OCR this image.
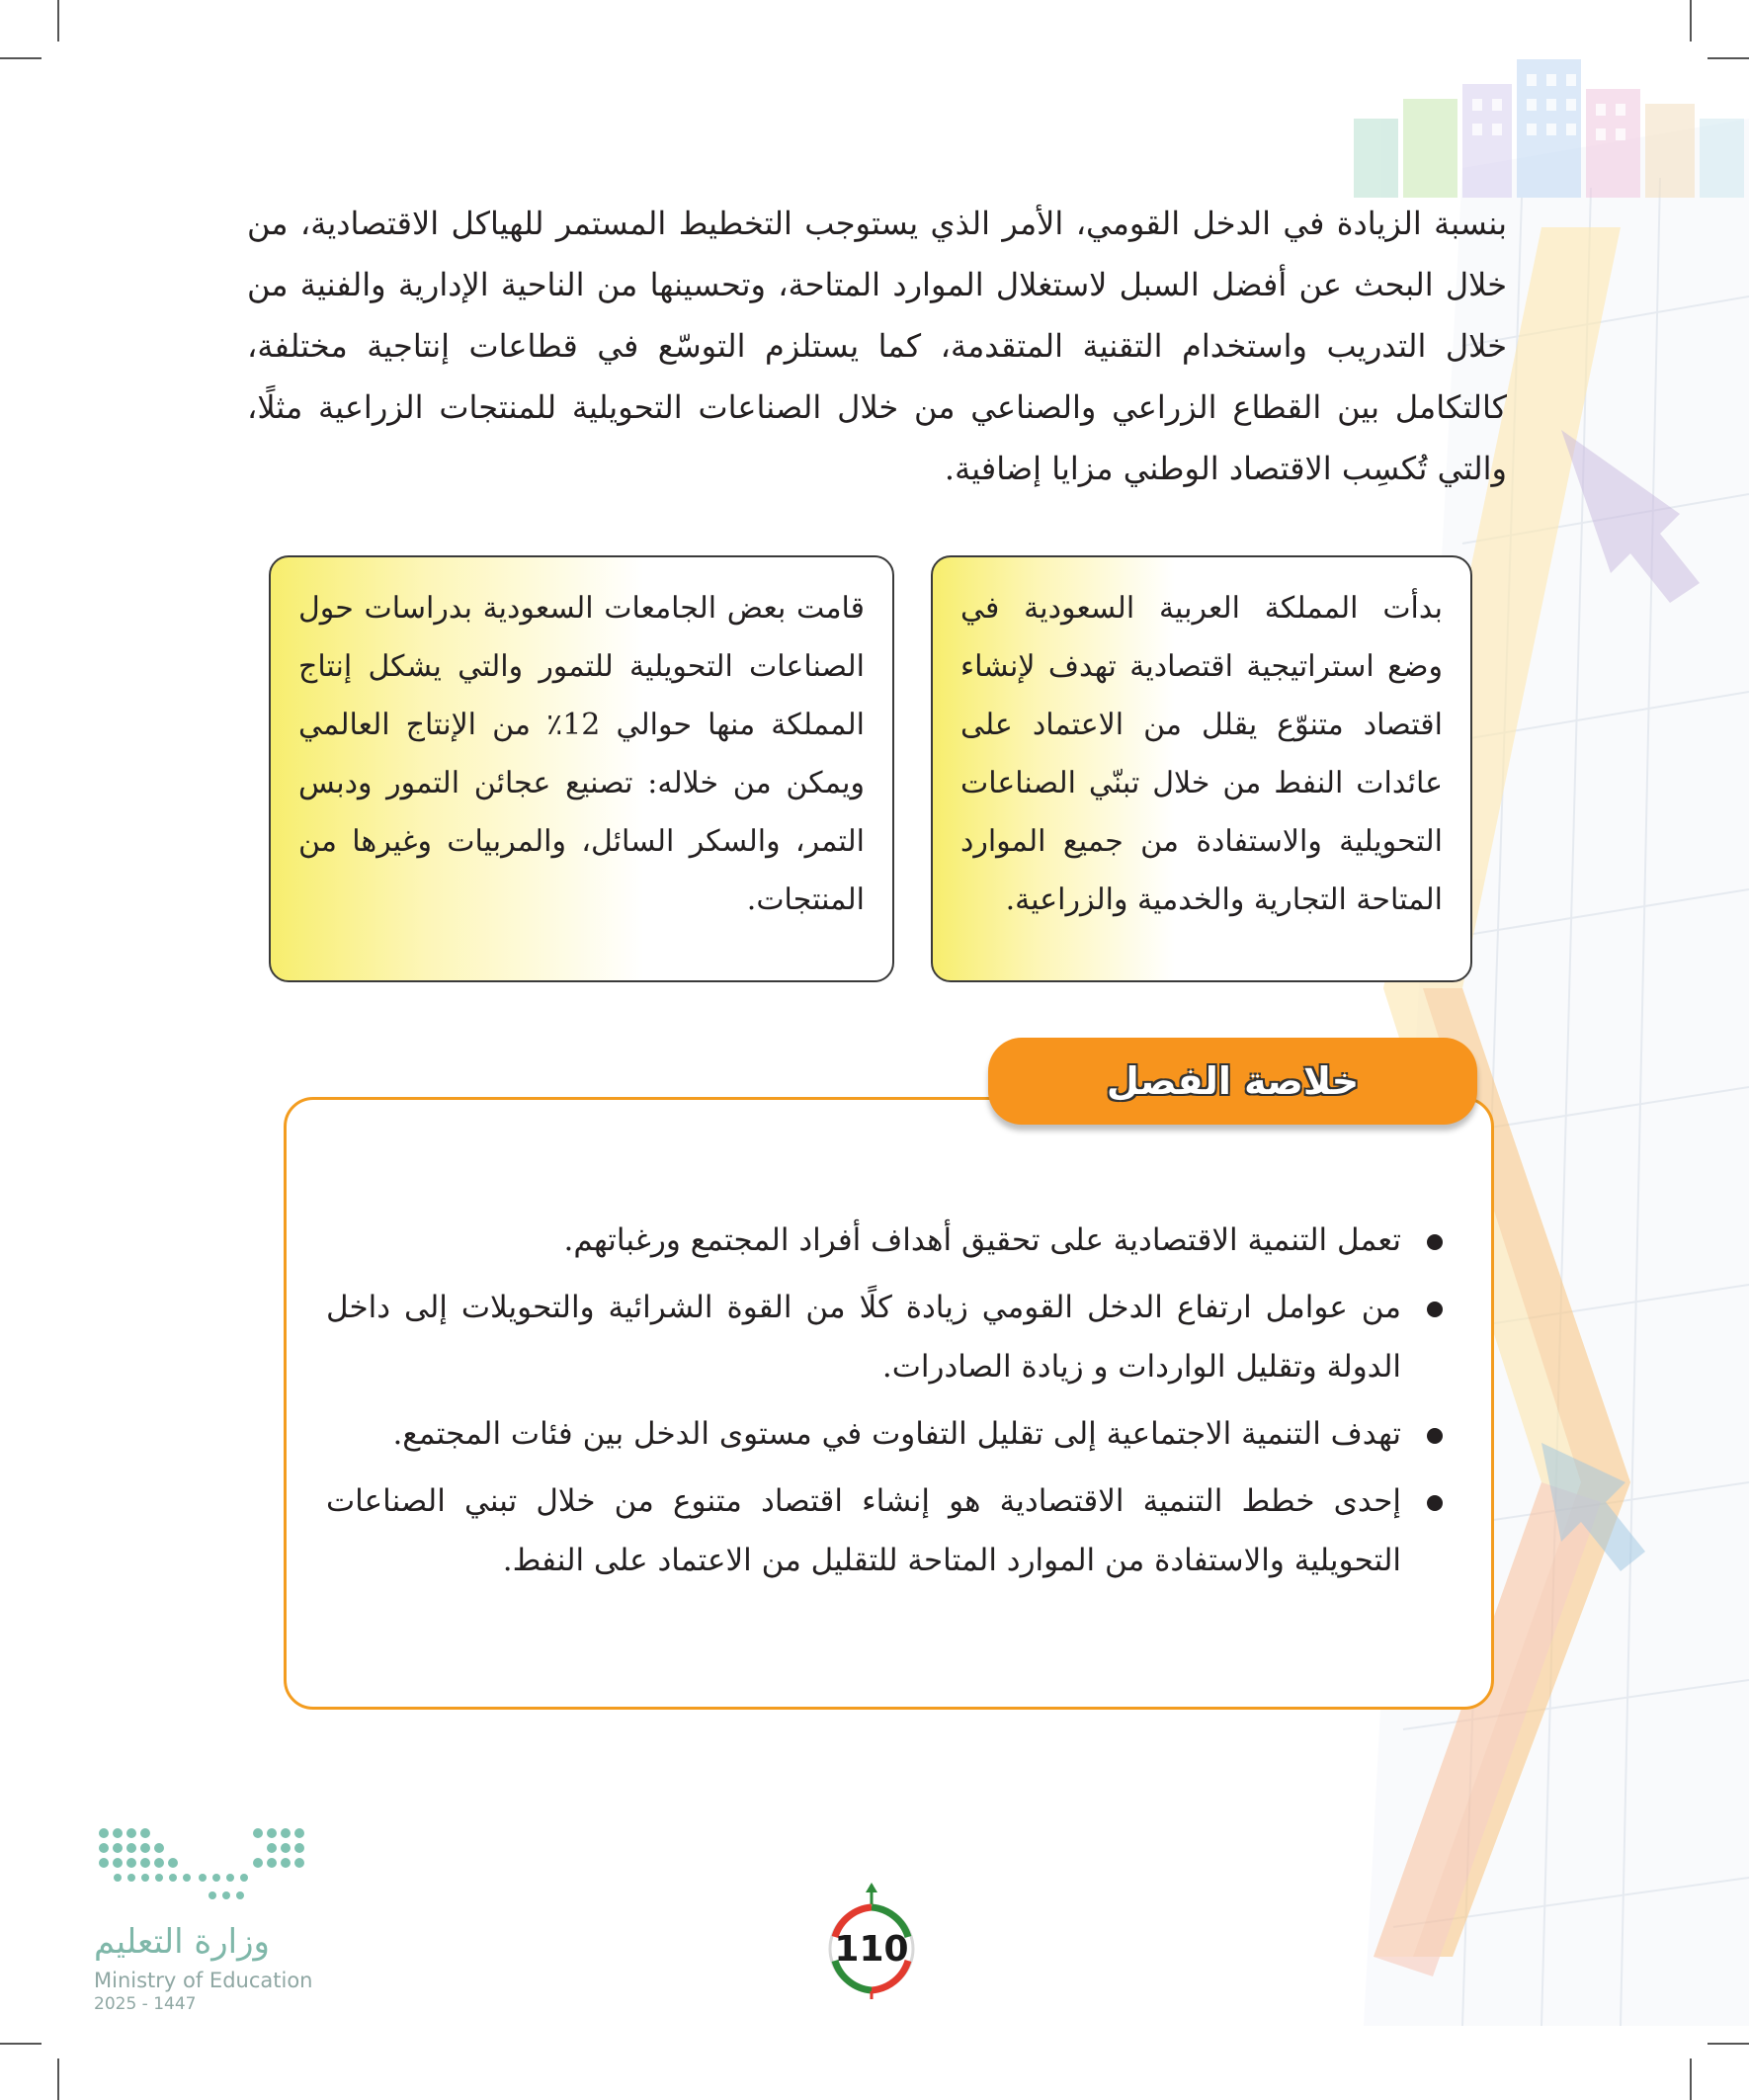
بنسبة الزيادة في الدخل القومي، الأمر الذي يستوجب التخطيط المستمر للهياكل الاقتصادية، من خلال البحث عن أفضل السبل لاستغلال الموارد المتاحة، وتحسينها من الناحية الإدارية والفنية من خلال التدريب واستخدام التقنية المتقدمة، كما يستلزم التوسّع في قطاعات إنتاجية مختلفة، كالتكامل بين القطاع الزراعي والصناعي من خلال الصناعات التحويلية للمنتجات الزراعية مثلًا، والتي تُكسِب الاقتصاد الوطني مزايا إضافية.

بدأت المملكة العربية السعودية في وضع استراتيجية اقتصادية تهدف لإنشاء اقتصاد متنوّع يقلل من الاعتماد على عائدات النفط من خلال تبنّي الصناعات التحويلية والاستفادة من جميع الموارد المتاحة التجارية والخدمية والزراعية.
قامت بعض الجامعات السعودية بدراسات حول الصناعات التحويلية للتمور والتي يشكل إنتاج المملكة منها حوالي 12٪ من الإنتاج العالمي ويمكن من خلاله: تصنيع عجائن التمور ودبس التمر، والسكر السائل، والمربيات وغيرها من المنتجات.
خلاصة الفصل
تعمل التنمية الاقتصادية على تحقيق أهداف أفراد المجتمع ورغباتهم.
من عوامل ارتفاع الدخل القومي زيادة كلًا من القوة الشرائية والتحويلات إلى داخل الدولة وتقليل الواردات و زيادة الصادرات.
تهدف التنمية الاجتماعية إلى تقليل التفاوت في مستوى الدخل بين فئات المجتمع.
إحدى خطط التنمية الاقتصادية هو إنشاء اقتصاد متنوع من خلال تبني الصناعات التحويلية والاستفادة من الموارد المتاحة للتقليل من الاعتماد على النفط.
110
وزارة التعليم
Ministry of Education
2025 - 1447
